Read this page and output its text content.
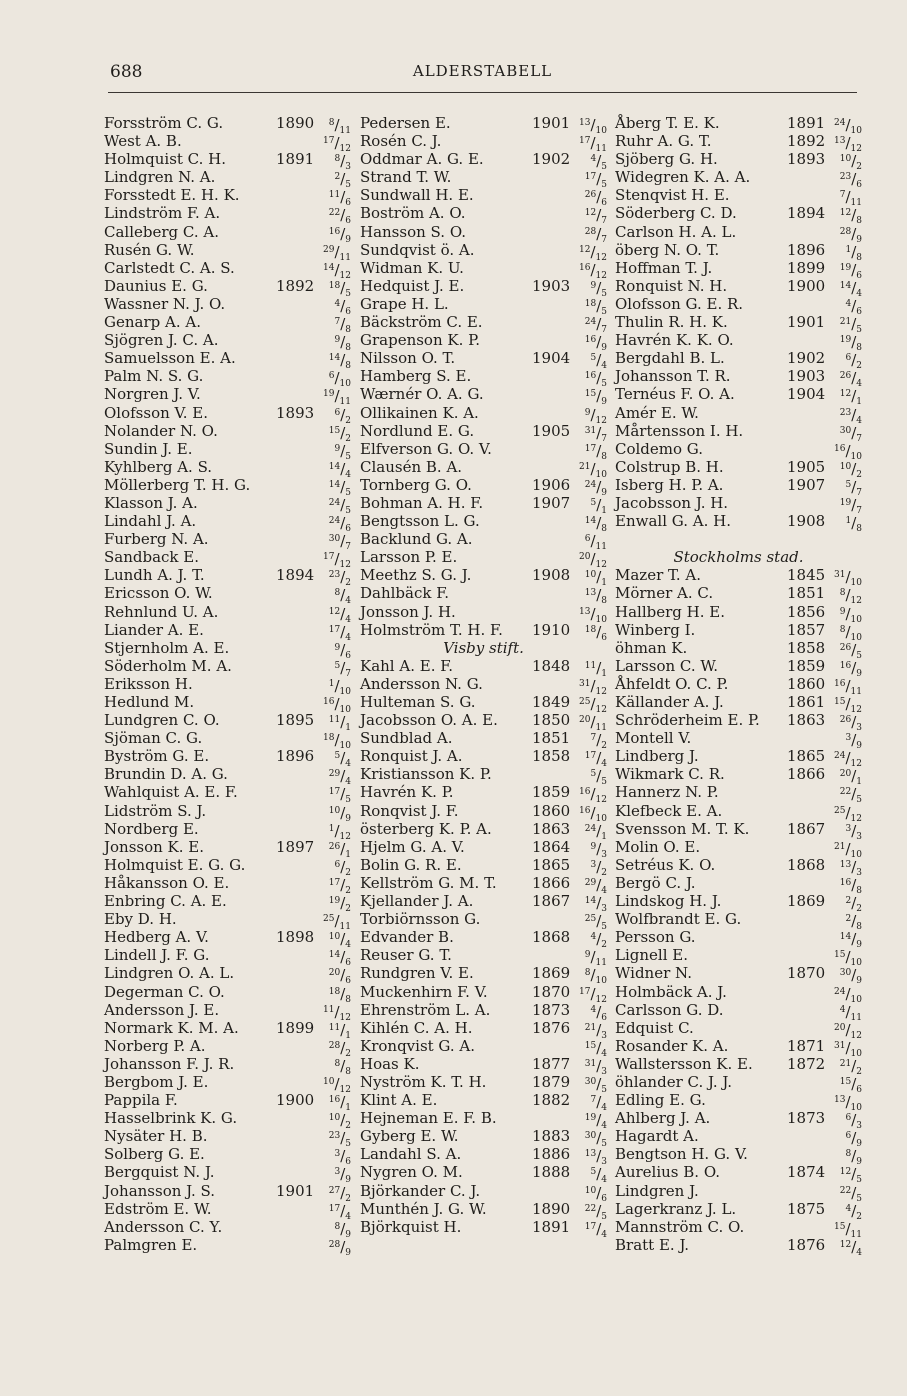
688	ALDERSTABELL
Forsström C. G.	1890 $^8/_{11}$
West A. B.	$^{17}/_{12}$
Holmquist C. H.	1891 $^8/_3$
Lindgren N. A.	$^2/_5$
Forsstedt E. H. K.	$^{11}/_6$
Lindström F. A.	$^{22}/_6$
Calleberg C. A.	$^{16}/_9$
Rusén G. W.	$^{29}/_{11}$
Carlstedt C. A. S.	$^{14}/_{12}$
Daunius E. G.	1892 $^{18}/_5$
Wassner N. J. O.	$^4/_6$
Genarp A. A.	$^7/_8$
Sjögren J. C. A.	$^9/_8$
Samuelsson E. A.	$^{14}/_8$
Palm N. S. G.	$^6/_{10}$
Norgren J. V.	$^{19}/_{11}$
Olofsson V. E.	1893 $^6/_2$
Nolander N. O.	$^{15}/_2$
Sundin J. E.	$^9/_5$
Kyhlberg A. S.	$^{14}/_4$
Möllerberg T. H. G.	$^{14}/_5$
Klasson J. A.	$^{24}/_5$
Lindahl J. A.	$^{24}/_6$
Furberg N. A.	$^{30}/_7$
Sandback E.	$^{17}/_{12}$
Lundh A. J. T.	1894 $^{23}/_2$
Ericsson O. W.	$^8/_4$
Rehnlund U. A.	$^{12}/_4$
Liander A. E.	$^{17}/_4$
Stjernholm A. E.	$^9/_6$
Söderholm M. A.	$^5/_7$
Eriksson H.	$^1/_{10}$
Hedlund M.	$^{16}/_{10}$
Lundgren C. O.	1895 $^{11}/_1$
Sjöman C. G.	$^{18}/_{10}$
Byström G. E.	1896 $^5/_4$
Brundin D. A. G.	$^{29}/_4$
Wahlquist A. E. F.	$^{17}/_5$
Lidström S. J.	$^{10}/_9$
Nordberg E.	$^1/_{12}$
Jonsson K. E.	1897 $^{26}/_1$
Holmquist E. G. G.	$^6/_2$
Håkansson O. E.	$^{17}/_2$
Enbring C. A. E.	$^{19}/_2$
Eby D. H.	$^{25}/_{11}$
Hedberg A. V.	1898 $^{10}/_4$
Lindell J. F. G.	$^{14}/_6$
Lindgren O. A. L.	$^{20}/_6$
Degerman C. O.	$^{18}/_8$
Andersson J. E.	$^{11}/_{12}$
Normark K. M. A. 1899 $^{11}/_1$
Norberg P. A.	$^{28}/_2$
Johansson F. J. R.	$^8/_8$
Bergbom J. E.	$^{10}/_{12}$
Pappila F.	1900 $^{16}/_1$
Hasselbrink K. G.	$^{10}/_2$
Nysäter H. B.	$^{23}/_5$
Solberg G. E.	$^3/_6$
Bergquist N. J.	$^3/_9$
Johansson J. S.	1901 $^{27}/_2$
Edström E. W.	$^{17}/_4$
Andersson C. Y.	$^8/_9$
Palmgren E.	$^{28}/_9$
Pedersen E.	1901 $^{13}/_{10}$
Rosén C. J.	$^{17}/_{11}$
Oddmar A. G. E.	1902 $^4/_5$
Strand T. W.	$^{17}/_5$
Sundwall H. E.	$^{26}/_6$
Boström A. O.	$^{12}/_7$
Hansson S. O.	$^{28}/_7$
Sundqvist ö. A.	$^{12}/_{12}$
Widman K. U.	$^{16}/_{12}$
Hedquist J. E.	1903 $^9/_5$
Grape H. L.	$^{18}/_5$
Bäckström C. E.	$^{24}/_7$
Grapenson K. P.	$^{16}/_9$
Nilsson O. T.	1904 $^5/_4$
Hamberg S. E.	$^{16}/_5$
Wærnér O. A. G.	$^{15}/_9$
Ollikainen K. A.	$^9/_{12}$
Nordlund E. G.	1905 $^{31}/_7$
Elfverson G. O. V.	$^{17}/_8$
Clausén B. A.	$^{21}/_{10}$
Tornberg G. O.	1906 $^{24}/_9$
Bohman A. H. F.	1907 $^5/_1$
Bengtsson L. G.	$^{14}/_8$
Backlund G. A.	$^6/_{11}$
Larsson P. E.	$^{20}/_{12}$
Meethz S. G. J.	1908 $^{10}/_1$
Dahlbäck F.	$^{13}/_8$
Jonsson J. H.	$^{13}/_{10}$
Holmström T. H. F. 1910 $^{18}/_6$
Visby stift.
Kahl A. E. F.	1848 $^{11}/_1$
Andersson N. G.	$^{31}/_{12}$
Hulteman S. G.	1849 $^{25}/_{12}$
Jacobsson O. A. E. 1850 $^{20}/_{11}$
Sundblad A.	1851 $^7/_2$
Ronquist J. A.	1858 $^{17}/_4$
Kristiansson K. P.	$^5/_5$
Havrén K. P.	1859 $^{16}/_{12}$
Ronqvist J. F.	1860 $^{16}/_{10}$
österberg K. P. A.	1863 $^{24}/_1$
Hjelm G. A. V.	1864 $^9/_3$
Bolin G. R. E.	1865 $^3/_2$
Kellström G. M. T. 1866 $^{29}/_4$
Kjellander J. A.	1867 $^{14}/_3$
Torbiörnsson G.	$^{25}/_5$
Edvander B.	1868 $^4/_2$
Reuser G. T.	$^9/_{11}$
Rundgren V. E.	1869 $^8/_{10}$
Muckenhirn F. V.	1870 $^{17}/_{12}$
Ehrenström L. A.	1873 $^4/_6$
Kihlén C. A. H.	1876 $^{21}/_3$
Kronqvist G. A.	$^{15}/_4$
Hoas K.	1877 $^{31}/_3$
Nyström K. T. H.	1879 $^{30}/_5$
Klint A. E.	1882 $^7/_4$
Hejneman E. F. B.	$^{19}/_4$
Gyberg E. W.	1883 $^{30}/_5$
Landahl S. A.	1886 $^{13}/_3$
Nygren O. M.	1888 $^5/_4$
Björkander C. J.	$^{10}/_6$
Munthén J. G. W.	1890 $^{22}/_5$
Björkquist H.	1891 $^{17}/_4$
Åberg T. E. K.	1891 $^{24}/_{10}$
Ruhr A. G. T.	1892 $^{13}/_{12}$
Sjöberg G. H.	1893 $^{10}/_2$
Widegren K. A. A.	$^{23}/_6$
Stenqvist H. E.	$^7/_{11}$
Söderberg C. D.	1894 $^{12}/_8$
Carlson H. A. L.	$^{28}/_9$
öberg N. O. T.	1896 $^1/_8$
Hoffman T. J.	1899 $^{19}/_6$
Ronquist N. H.	1900 $^{14}/_4$
Olofsson G. E. R.	$^4/_6$
Thulin R. H. K.	1901 $^{21}/_5$
Havrén K. K. O.	$^{19}/_8$
Bergdahl B. L.	1902 $^6/_2$
Johansson T. R.	1903 $^{26}/_4$
Ternéus F. O. A.	1904 $^{12}/_1$
Amér E. W.	$^{23}/_4$
Mårtensson I. H.	$^{30}/_7$
Coldemo G.	$^{16}/_{10}$
Colstrup B. H.	1905 $^{10}/_2$
Isberg H. P. A.	1907 $^5/_7$
Jacobsson J. H.	$^{19}/_7$
Enwall G. A. H.	1908 $^1/_8$
Stockholms stad.
Mazer T. A.	1845 $^{31}/_{10}$
Mörner A. C.	1851 $^8/_{12}$
Hallberg H. E.	1856 $^9/_{10}$
Winberg I.	1857 $^8/_{10}$
öhman K.	1858 $^{26}/_5$
Larsson C. W.	1859 $^{16}/_9$
Åhfeldt O. C. P.	1860 $^{16}/_{11}$
Källander A. J.	1861 $^{15}/_{12}$
Schröderheim E. P. 1863 $^{26}/_3$
Montell V.	$^3/_9$
Lindberg J.	1865 $^{24}/_{12}$
Wikmark C. R.	1866 $^{20}/_1$
Hannerz N. P.	$^{22}/_5$
Klefbeck E. A.	$^{25}/_{12}$
Svensson M. T. K.	1867 $^3/_3$
Molin O. E.	$^{21}/_{10}$
Setréus K. O.	1868 $^{13}/_3$
Bergö C. J.	$^{16}/_8$
Lindskog H. J.	1869 $^2/_2$
Wolfbrandt E. G.	$^2/_8$
Persson G.	$^{14}/_9$
Lignell E.	$^{15}/_{10}$
Widner N.	1870 $^{30}/_9$
Holmbäck A. J.	$^{24}/_{10}$
Carlsson G. D.	$^4/_{11}$
Edquist C.	$^{20}/_{12}$
Rosander K. A.	1871 $^{31}/_{10}$
Wallstersson K. E. 1872 $^{21}/_2$
öhlander C. J. J.	$^{15}/_6$
Edling E. G.	$^{13}/_{10}$
Ahlberg J. A.	1873 $^6/_3$
Hagardt A.	$^6/_9$
Bengtson H. G. V.	$^8/_9$
Aurelius B. O.	1874 $^{12}/_5$
Lindgren J.	$^{22}/_5$
Lagerkranz J. L.	1875 $^4/_2$
Mannström C. O.	$^{15}/_{11}$
Bratt E. J.	1876 $^{12}/_4$
